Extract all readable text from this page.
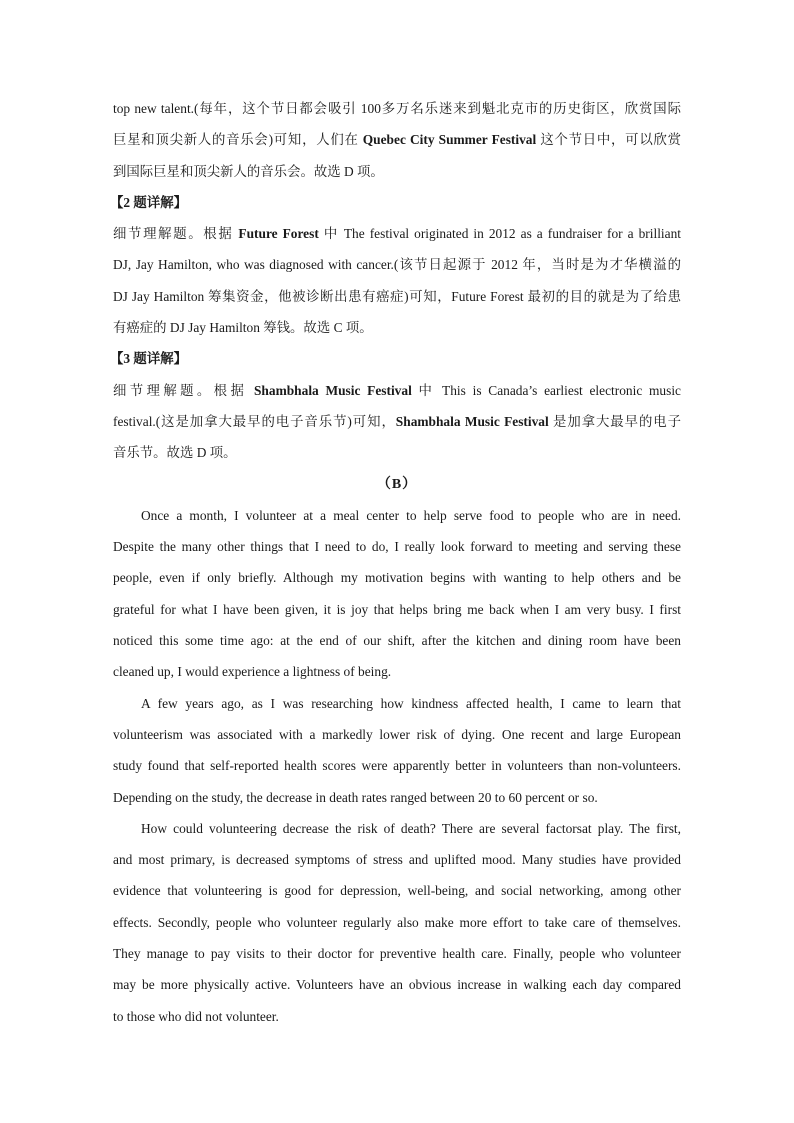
top new talent.(每年，这个节日都会吸引 100多万名乐迷来到魁北克市的历史街区，欣赏国际
巨星和顶尖新人的音乐会)可知，人们在 Quebec City Summer Festival 这个节日中，可以欣赏
到国际巨星和顶尖新人的音乐会。故选 D 项。
【2 题详解】
细节理解题。根据 Future Forest 中 The festival originated in 2012 as a fundraiser for a brilliant
DJ, Jay Hamilton, who was diagnosed with cancer.(该节日起源于 2012 年，当时是为才华横溢的
DJ Jay Hamilton 筹集资金，他被诊断出患有癌症)可知，Future Forest 最初的目的就是为了给患
有癌症的 DJ Jay Hamilton 筹钱。故选 C 项。
【3 题详解】
细节理解题。根据 Shambhala Music Festival 中 This is Canada’s earliest electronic music
festival.(这是加拿大最早的电子音乐节)可知，Shambhala Music Festival 是加拿大最早的电子
音乐节。故选 D 项。
（B）
Once a month, I volunteer at a meal center to help serve food to people who are in need.
Despite the many other things that I need to do, I really look forward to meeting and serving these
people, even if only briefly. Although my motivation begins with wanting to help others and be
grateful for what I have been given, it is joy that helps bring me back when I am very busy. I first
noticed this some time ago: at the end of our shift, after the kitchen and dining room have been
cleaned up, I would experience a lightness of being.
A few years ago, as I was researching how kindness affected health, I came to learn that
volunteerism was associated with a markedly lower risk of dying. One recent and large European
study found that self-reported health scores were apparently better in volunteers than non-volunteers.
Depending on the study, the decrease in death rates ranged between 20 to 60 percent or so.
How could volunteering decrease the risk of death? There are several factorsat play. The first,
and most primary, is decreased symptoms of stress and uplifted mood. Many studies have provided
evidence that volunteering is good for depression, well-being, and social networking, among other
effects. Secondly, people who volunteer regularly also make more effort to take care of themselves.
They manage to pay visits to their doctor for preventive health care. Finally, people who volunteer
may be more physically active. Volunteers have an obvious increase in walking each day compared
to those who did not volunteer.
